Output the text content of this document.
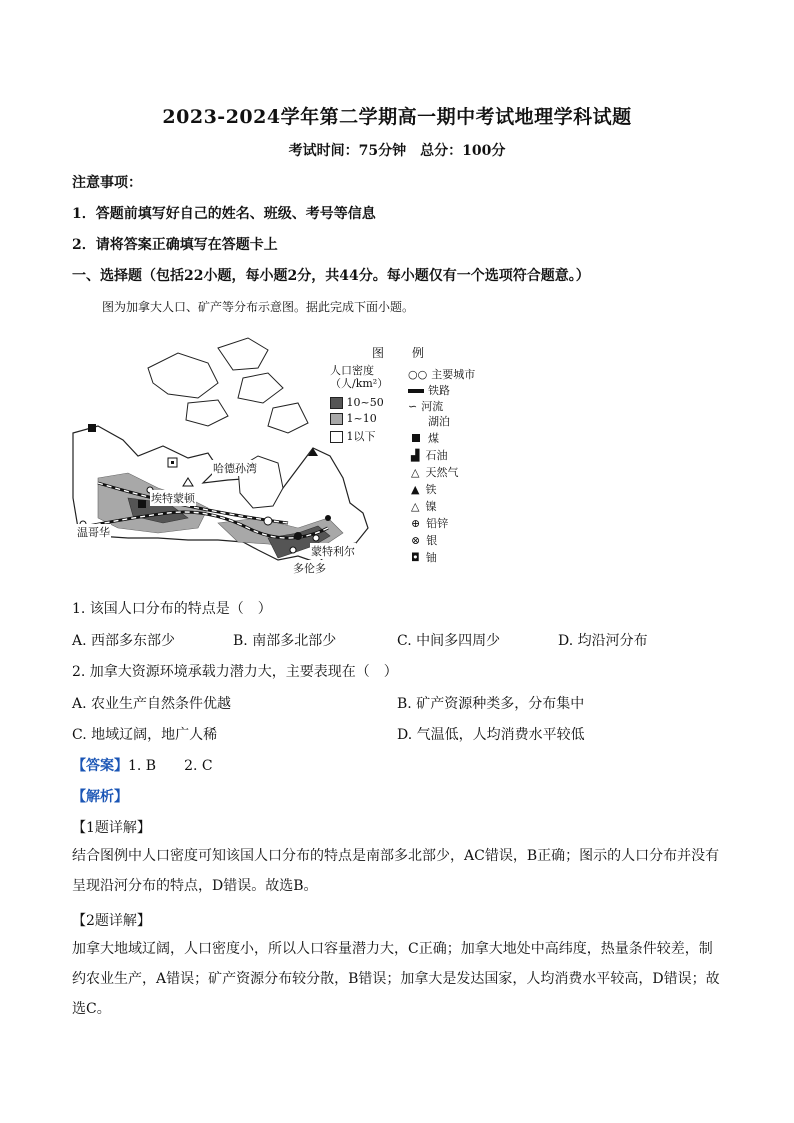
2023-2024学年第二学期高一期中考试地理学科试题
考试时间：75分钟　总分：100分
注意事项：
1．答题前填写好自己的姓名、班级、考号等信息
2．请将答案正确填写在答题卡上
一、选择题（包括22小题，每小题2分，共44分。每小题仅有一个选项符合题意。）
图为加拿大人口、矿产等分布示意图。据此完成下面小题。
哈德孙湾
埃特蒙顿
温哥华
蒙特利尔
多伦多
图　例
人口密度
（人/km²）
10~50
1~10
1以下
○○ 主要城市
铁路
∽ 河流
湖泊
煤
▟ 石油
△ 天然气
▲ 铁
△ 镍
⊕ 铅锌
⊗ 银
◘ 铀
1. 该国人口分布的特点是（　）
A. 西部多东部少	B. 南部多北部少	C. 中间多四周少	D. 均沿河分布
2. 加拿大资源环境承载力潜力大，主要表现在（　）
A. 农业生产自然条件优越	B. 矿产资源种类多，分布集中
C. 地域辽阔，地广人稀	D. 气温低，人均消费水平较低
【答案】1. B　　2. C
【解析】
【1题详解】
结合图例中人口密度可知该国人口分布的特点是南部多北部少，AC错误，B正确；图示的人口分布并没有呈现沿河分布的特点，D错误。故选B。
【2题详解】
加拿大地域辽阔，人口密度小，所以人口容量潜力大，C正确；加拿大地处中高纬度，热量条件较差，制约农业生产，A错误；矿产资源分布较分散，B错误；加拿大是发达国家，人均消费水平较高，D错误；故选C。
